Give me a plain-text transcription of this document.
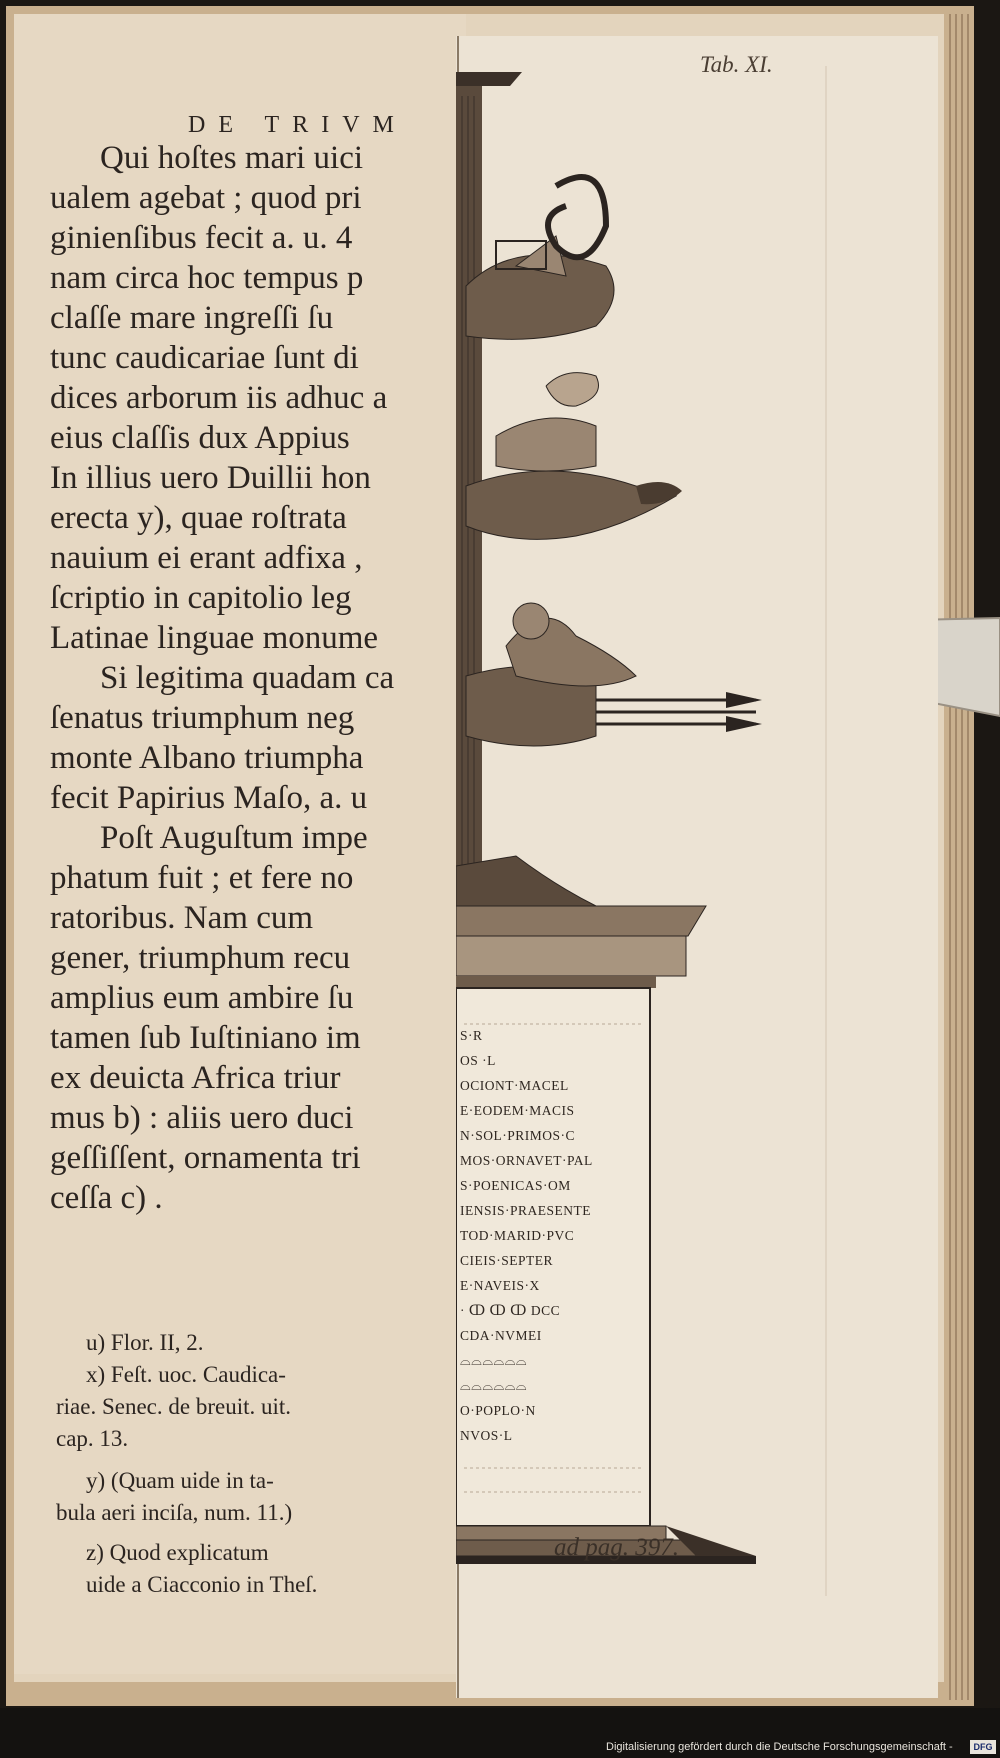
DE TRIVM
Qui hoſtes mari uici
ualem agebat ; quod pri
ginienſibus fecit a. u. 4
nam circa hoc tempus p
claſſe mare ingreſſi ſu
tunc caudicariae ſunt di
dices arborum iis adhuc a
eius claſſis dux Appius
In illius uero Duillii hon
erecta y), quae roſtrata
nauium ei erant adfixa ,
ſcriptio in capitolio leg
Latinae linguae monume
Si legitima quadam ca
ſenatus triumphum neg
monte Albano triumpha
fecit Papirius Maſo, a. u
Poſt Auguſtum impe
phatum fuit ; et fere no
ratoribus. Nam cum
gener, triumphum recu
amplius eum ambire ſu
tamen ſub Iuſtiniano im
ex deuicta Africa triur
mus b) : aliis uero duci
geſſiſſent, ornamenta tri
ceſſa c) .
u) Flor. II, 2.
x) Feſt. uoc. Caudica-
riae. Senec. de breuit. uit.
cap. 13.
y) (Quam uide in ta-
bula aeri inciſa, num. 11.)
z) Quod explicatum
uide a Ciacconio in Theſ.
S·R
OS ·L
OCIONT·MACEL
E·EODEM·MACIS
N·SOL·PRIMOS·C
MOS·ORNAVET·PAL
S·POENICAS·OM
IENSIS·PRAESENTE
TOD·MARID·PVC
CIEIS·SEPTER
E·NAVEIS·X
· ↀ ↀ ↀ DCC
CDA·NVMEI
⌓⌓⌓⌓⌓⌓
⌓⌓⌓⌓⌓⌓
O·POPLO·N
NVOS·L
Tab. XI.
ad pag. 397.
Digitalisierung gefördert durch die Deutsche Forschungsgemeinschaft -	DFG
